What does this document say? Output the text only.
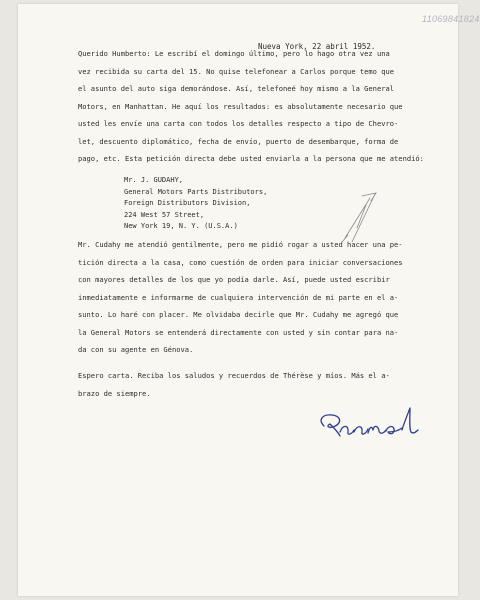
11069841824
Nueva York, 22 abril 1952.
Querido Humberto: Le escribí el domingo último, pero lo hago otra vez una
vez recibida su carta del 15. No quise telefonear a Carlos porque temo que
el asunto del auto siga demorándose. Así, telefoneé hoy mismo a la General
Motors, en Manhattan. He aquí los resultados: es absolutamente necesario que
usted les envíe una carta con todos los detalles respecto a tipo de Chevro-
let, descuento diplomático, fecha de envío, puerto de desembarque, forma de
pago, etc. Esta petición directa debe usted enviarla a la persona que me atendió:
Mr. J. GUDAHY,
General Motors Parts Distributors,
Foreign Distributors Division,
224 West 57 Street,
New York 19, N. Y. (U.S.A.)
Mr. Cudahy me atendió gentilmente, pero me pidió rogar a usted hacer una pe-
tición directa a la casa, como cuestión de orden para iniciar conversaciones
con mayores detalles de los que yo podía darle. Así, puede usted escribir
inmediatamente e informarme de cualquiera intervención de mi parte en el a-
sunto. Lo haré con placer. Me olvidaba decirle que Mr. Cudahy me agregó que
la General Motors se entenderá directamente con usted y sin contar para na-
da con su agente en Génova.
Espero carta. Reciba los saludos y recuerdos de Thérèse y míos. Más el a-
brazo de siempre.
